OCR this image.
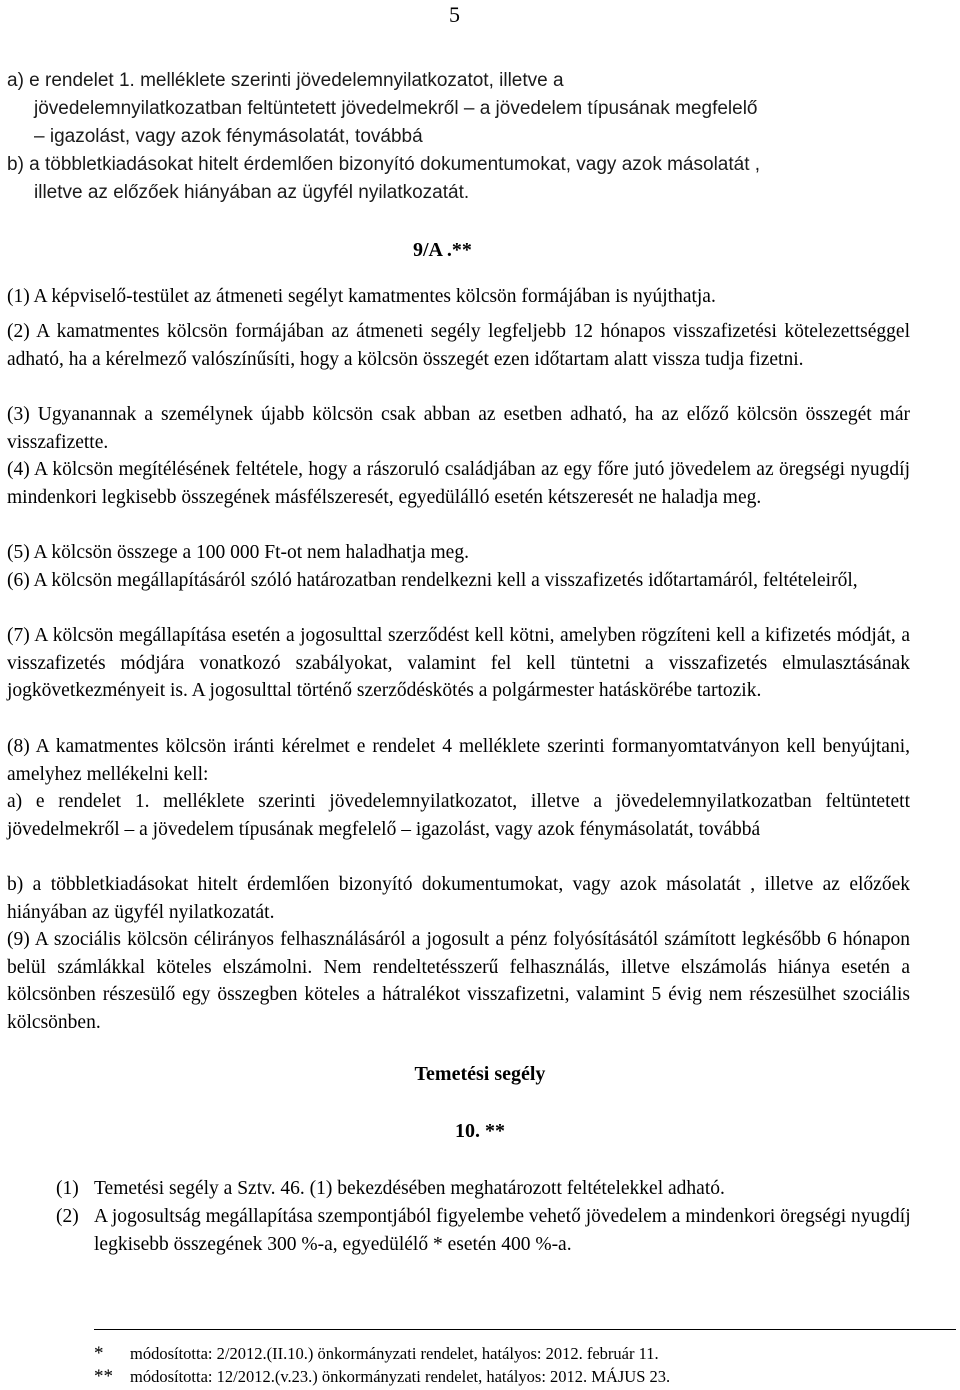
5
a) e rendelet 1. melléklete szerinti jövedelemnyilatkozatot, illetve a
jövedelemnyilatkozatban feltüntetett jövedelmekről – a jövedelem típusának megfelelő
– igazolást, vagy azok fénymásolatát, továbbá
b) a többletkiadásokat hitelt érdemlően bizonyító dokumentumokat, vagy azok másolatát ,
illetve az előzőek hiányában az ügyfél nyilatkozatát.
9/A .**
(1) A képviselő-testület az átmeneti segélyt kamatmentes kölcsön formájában is nyújthatja.
(2) A kamatmentes kölcsön formájában az átmeneti segély legfeljebb 12 hónapos visszafizetési kötelezettséggel adható, ha a kérelmező valószínűsíti, hogy a kölcsön összegét ezen időtartam alatt vissza tudja fizetni.
(3) Ugyanannak a személynek újabb kölcsön csak abban az esetben adható, ha az előző kölcsön összegét már visszafizette.
(4) A kölcsön megítélésének feltétele, hogy a rászoruló családjában az egy főre jutó jövedelem az öregségi nyugdíj mindenkori legkisebb összegének másfélszeresét, egyedülálló esetén kétszeresét ne haladja meg.
(5) A kölcsön összege a 100 000 Ft-ot nem haladhatja meg.
(6) A kölcsön megállapításáról szóló határozatban rendelkezni kell a visszafizetés időtartamáról, feltételeiről,
(7) A kölcsön megállapítása esetén a jogosulttal szerződést kell kötni, amelyben rögzíteni kell a kifizetés módját, a visszafizetés módjára vonatkozó szabályokat, valamint fel kell tüntetni a visszafizetés elmulasztásának jogkövetkezményeit is. A jogosulttal történő szerződéskötés a polgármester hatáskörébe tartozik.
(8) A kamatmentes kölcsön iránti kérelmet e rendelet 4 melléklete szerinti formanyomtatványon kell benyújtani, amelyhez mellékelni kell:
a) e rendelet 1. melléklete szerinti jövedelemnyilatkozatot, illetve a jövedelemnyilatkozatban feltüntetett jövedelmekről – a jövedelem típusának megfelelő – igazolást, vagy azok fénymásolatát, továbbá
b) a többletkiadásokat hitelt érdemlően bizonyító dokumentumokat, vagy azok másolatát , illetve az előzőek hiányában az ügyfél nyilatkozatát.
(9) A szociális kölcsön célirányos felhasználásáról a jogosult a pénz folyósításától számított legkésőbb 6 hónapon belül számlákkal köteles elszámolni. Nem rendeltetésszerű felhasználás, illetve elszámolás hiánya esetén a kölcsönben részesülő egy összegben köteles a hátralékot visszafizetni, valamint 5 évig nem részesülhet szociális kölcsönben.
Temetési segély
10. **
(1) Temetési segély a Sztv. 46. (1) bekezdésében meghatározott feltételekkel adható.
(2) A jogosultság megállapítása szempontjából figyelembe vehető jövedelem a mindenkori öregségi nyugdíj legkisebb összegének 300 %-a, egyedülélő * esetén 400 %-a.
* módosította: 2/2012.(II.10.) önkormányzati rendelet, hatályos: 2012. február 11.
** módosította: 12/2012.(v.23.) önkormányzati rendelet, hatályos: 2012. MÁJUS 23.
